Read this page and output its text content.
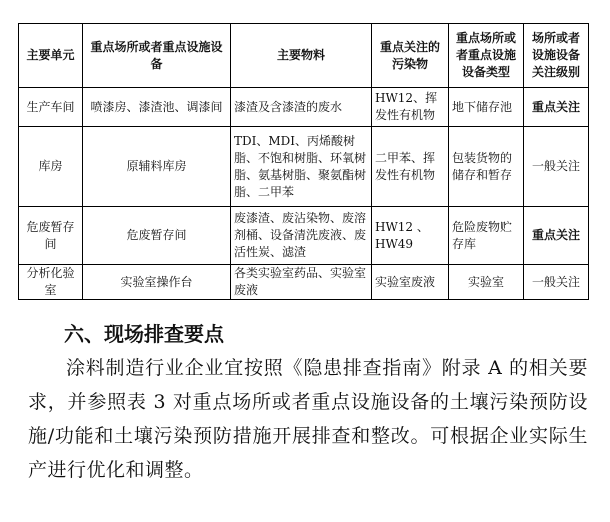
主要单元	重点场所或者重点设施设备	主要物料	重点关注的污染物	重点场所或者重点设施设备类型	场所或者设施设备关注级别
生产车间	喷漆房、漆渣池、调漆间	漆渣及含漆渣的废水	HW12、挥发性有机物	地下储存池	重点关注
库房	原辅料库房	TDI、MDI、丙烯酸树脂、不饱和树脂、环氧树脂、氨基树脂、聚氨酯树脂、二甲苯	二甲苯、挥发性有机物	包装货物的储存和暂存	一般关注
危废暂存间	危废暂存间	废漆渣、废沾染物、废溶剂桶、设备清洗废液、废活性炭、滤渣	HW12 、HW49	危险废物贮存库	重点关注
分析化验室	实验室操作台	各类实验室药品、实验室废液	实验室废液	实验室	一般关注
六、现场排查要点
涂料制造行业企业宜按照《隐患排查指南》附录 A 的相关要求，并参照表 3 对重点场所或者重点设施设备的土壤污染预防设施/功能和土壤污染预防措施开展排查和整改。可根据企业实际生产进行优化和调整。
